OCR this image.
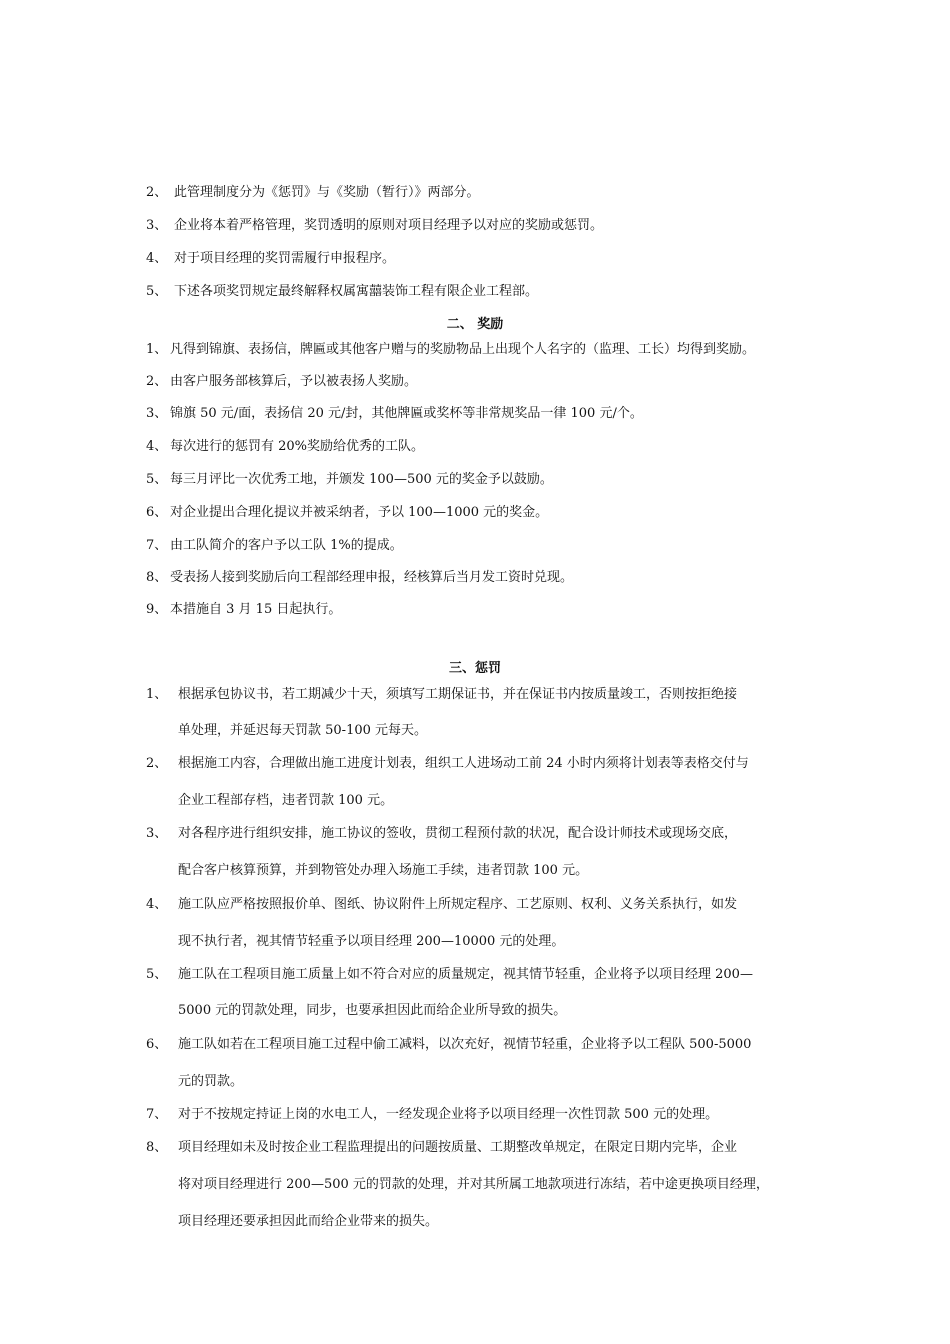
2、 此管理制度分为《惩罚》与《奖励（暂行）》两部分。
3、 企业将本着严格管理，奖罚透明的原则对项目经理予以对应的奖励或惩罚。
4、 对于项目经理的奖罚需履行申报程序。
5、 下述各项奖罚规定最终解释权属寓囍装饰工程有限企业工程部。
二、 奖励
1、 凡得到锦旗、表扬信，牌匾或其他客户赠与的奖励物品上出现个人名字的（监理、工长）均得到奖励。
2、 由客户服务部核算后，予以被表扬人奖励。
3、 锦旗 50 元/面，表扬信 20 元/封，其他牌匾或奖杯等非常规奖品一律 100 元/个。
4、 每次进行的惩罚有 20%奖励给优秀的工队。
5、 每三月评比一次优秀工地，并颁发 100—500 元的奖金予以鼓励。
6、 对企业提出合理化提议并被采纳者，予以 100—1000 元的奖金。
7、 由工队简介的客户予以工队 1%的提成。
8、 受表扬人接到奖励后向工程部经理申报，经核算后当月发工资时兑现。
9、 本措施自 3 月 15 日起执行。
三、惩罚
1、 根据承包协议书，若工期减少十天，须填写工期保证书，并在保证书内按质量竣工，否则按拒绝接
单处理，并延迟每天罚款 50-100 元每天。
2、 根据施工内容，合理做出施工进度计划表，组织工人进场动工前 24 小时内须将计划表等表格交付与
企业工程部存档，违者罚款 100 元。
3、 对各程序进行组织安排，施工协议的签收，贯彻工程预付款的状况，配合设计师技术或现场交底，
配合客户核算预算，并到物管处办理入场施工手续，违者罚款 100 元。
4、 施工队应严格按照报价单、图纸、协议附件上所规定程序、工艺原则、权利、义务关系执行，如发
现不执行者，视其情节轻重予以项目经理 200—10000 元的处理。
5、 施工队在工程项目施工质量上如不符合对应的质量规定，视其情节轻重，企业将予以项目经理 200—
5000 元的罚款处理，同步，也要承担因此而给企业所导致的损失。
6、 施工队如若在工程项目施工过程中偷工减料，以次充好，视情节轻重，企业将予以工程队 500-5000
元的罚款。
7、 对于不按规定持证上岗的水电工人，一经发现企业将予以项目经理一次性罚款 500 元的处理。
8、 项目经理如未及时按企业工程监理提出的问题按质量、工期整改单规定，在限定日期内完毕，企业
将对项目经理进行 200—500 元的罚款的处理，并对其所属工地款项进行冻结，若中途更换项目经理，
项目经理还要承担因此而给企业带来的损失。
